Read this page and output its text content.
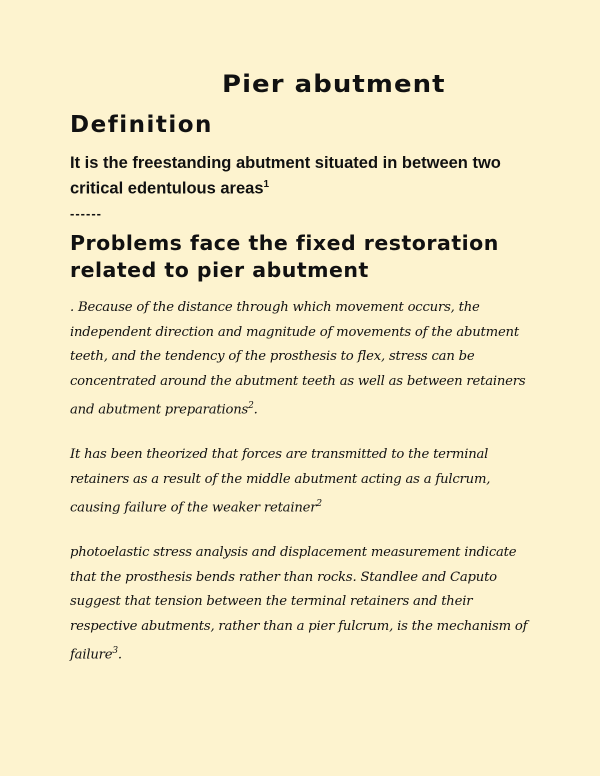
Pier abutment
Definition
It is the freestanding abutment situated in between two critical edentulous areas$^1$
------
Problems face the fixed restoration related to pier abutment
. Because of the distance through which movement occurs, the independent direction and magnitude of movements of the abutment teeth, and the tendency of the prosthesis to flex, stress can be concentrated around the abutment teeth as well as between retainers and abutment preparations$^2$.
It has been theorized that forces are transmitted to the terminal retainers as a result of the middle abutment acting as a fulcrum, causing failure of the weaker retainer$^2$
photoelastic stress analysis and displacement measurement indicate that the prosthesis bends rather than rocks. Standlee and Caputo suggest that tension between the terminal retainers and their respective abutments, rather than a pier fulcrum, is the mechanism of failure$^3$.
